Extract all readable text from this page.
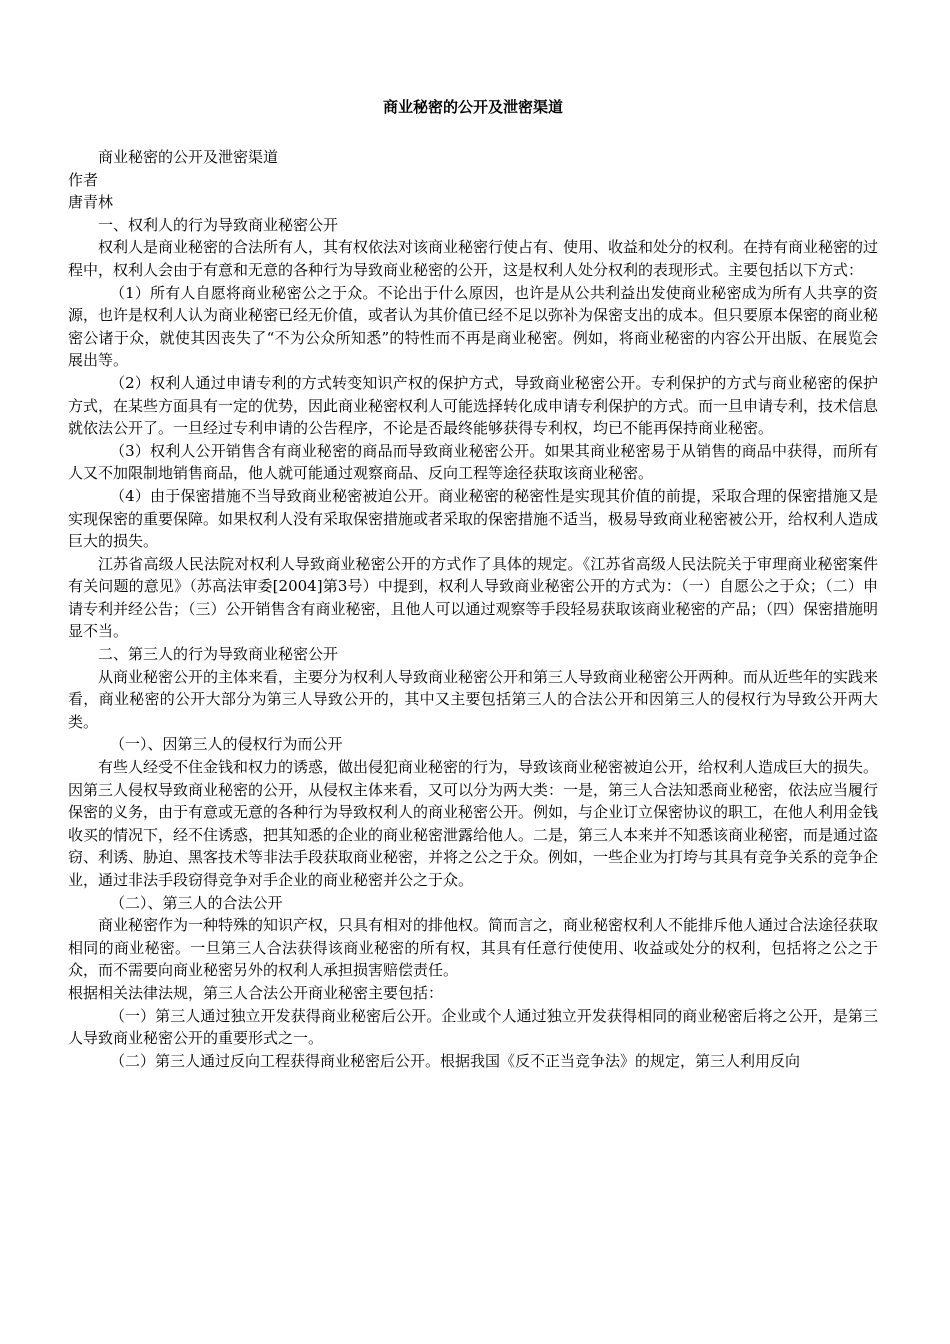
商业秘密的公开及泄密渠道

商业秘密的公开及泄密渠道

作者

唐青林

一、权利人的行为导致商业秘密公开

权利人是商业秘密的合法所有人，其有权依法对该商业秘密行使占有、使用、收益和处分的权利。在持有商业秘密的过程中，权利人会由于有意和无意的各种行为导致商业秘密的公开，这是权利人处分权利的表现形式。主要包括以下方式：

（1）所有人自愿将商业秘密公之于众。不论出于什么原因，也许是从公共利益出发使商业秘密成为所有人共享的资源，也许是权利人认为商业秘密已经无价值，或者认为其价值已经不足以弥补为保密支出的成本。但只要原本保密的商业秘密公诸于众，就使其因丧失了“不为公众所知悉”的特性而不再是商业秘密。例如，将商业秘密的内容公开出版、在展览会展出等。

（2）权利人通过申请专利的方式转变知识产权的保护方式，导致商业秘密公开。专利保护的方式与商业秘密的保护方式，在某些方面具有一定的优势，因此商业秘密权利人可能选择转化成申请专利保护的方式。而一旦申请专利，技术信息就依法公开了。一旦经过专利申请的公告程序，不论是否最终能够获得专利权，均已不能再保持商业秘密。

（3）权利人公开销售含有商业秘密的商品而导致商业秘密公开。如果其商业秘密易于从销售的商品中获得，而所有人又不加限制地销售商品，他人就可能通过观察商品、反向工程等途径获取该商业秘密。

（4）由于保密措施不当导致商业秘密被迫公开。商业秘密的秘密性是实现其价值的前提，采取合理的保密措施又是实现保密的重要保障。如果权利人没有采取保密措施或者采取的保密措施不适当，极易导致商业秘密被公开，给权利人造成巨大的损失。

江苏省高级人民法院对权利人导致商业秘密公开的方式作了具体的规定。《江苏省高级人民法院关于审理商业秘密案件有关问题的意见》（苏高法审委[2004]第3号）中提到，权利人导致商业秘密公开的方式为：（一）自愿公之于众；（二）申请专利并经公告；（三）公开销售含有商业秘密，且他人可以通过观察等手段轻易获取该商业秘密的产品；（四）保密措施明显不当。

二、第三人的行为导致商业秘密公开

从商业秘密公开的主体来看，主要分为权利人导致商业秘密公开和第三人导致商业秘密公开两种。而从近些年的实践来看，商业秘密的公开大部分为第三人导致公开的，其中又主要包括第三人的合法公开和因第三人的侵权行为导致公开两大类。

（一）、因第三人的侵权行为而公开

有些人经受不住金钱和权力的诱惑，做出侵犯商业秘密的行为，导致该商业秘密被迫公开，给权利人造成巨大的损失。因第三人侵权导致商业秘密的公开，从侵权主体来看，又可以分为两大类：一是，第三人合法知悉商业秘密，依法应当履行保密的义务，由于有意或无意的各种行为导致权利人的商业秘密公开。例如，与企业订立保密协议的职工，在他人利用金钱收买的情况下，经不住诱惑，把其知悉的企业的商业秘密泄露给他人。二是，第三人本来并不知悉该商业秘密，而是通过盗窃、利诱、胁迫、黑客技术等非法手段获取商业秘密，并将之公之于众。例如，一些企业为打垮与其具有竞争关系的竞争企业，通过非法手段窃得竞争对手企业的商业秘密并公之于众。

（二）、第三人的合法公开

商业秘密作为一种特殊的知识产权，只具有相对的排他权。简而言之，商业秘密权利人不能排斥他人通过合法途径获取相同的商业秘密。一旦第三人合法获得该商业秘密的所有权，其具有任意行使使用、收益或处分的权利，包括将之公之于众，而不需要向商业秘密另外的权利人承担损害赔偿责任。

根据相关法律法规，第三人合法公开商业秘密主要包括：

（一）第三人通过独立开发获得商业秘密后公开。企业或个人通过独立开发获得相同的商业秘密后将之公开，是第三人导致商业秘密公开的重要形式之一。

（二）第三人通过反向工程获得商业秘密后公开。根据我国《反不正当竞争法》的规定，第三人利用反向
